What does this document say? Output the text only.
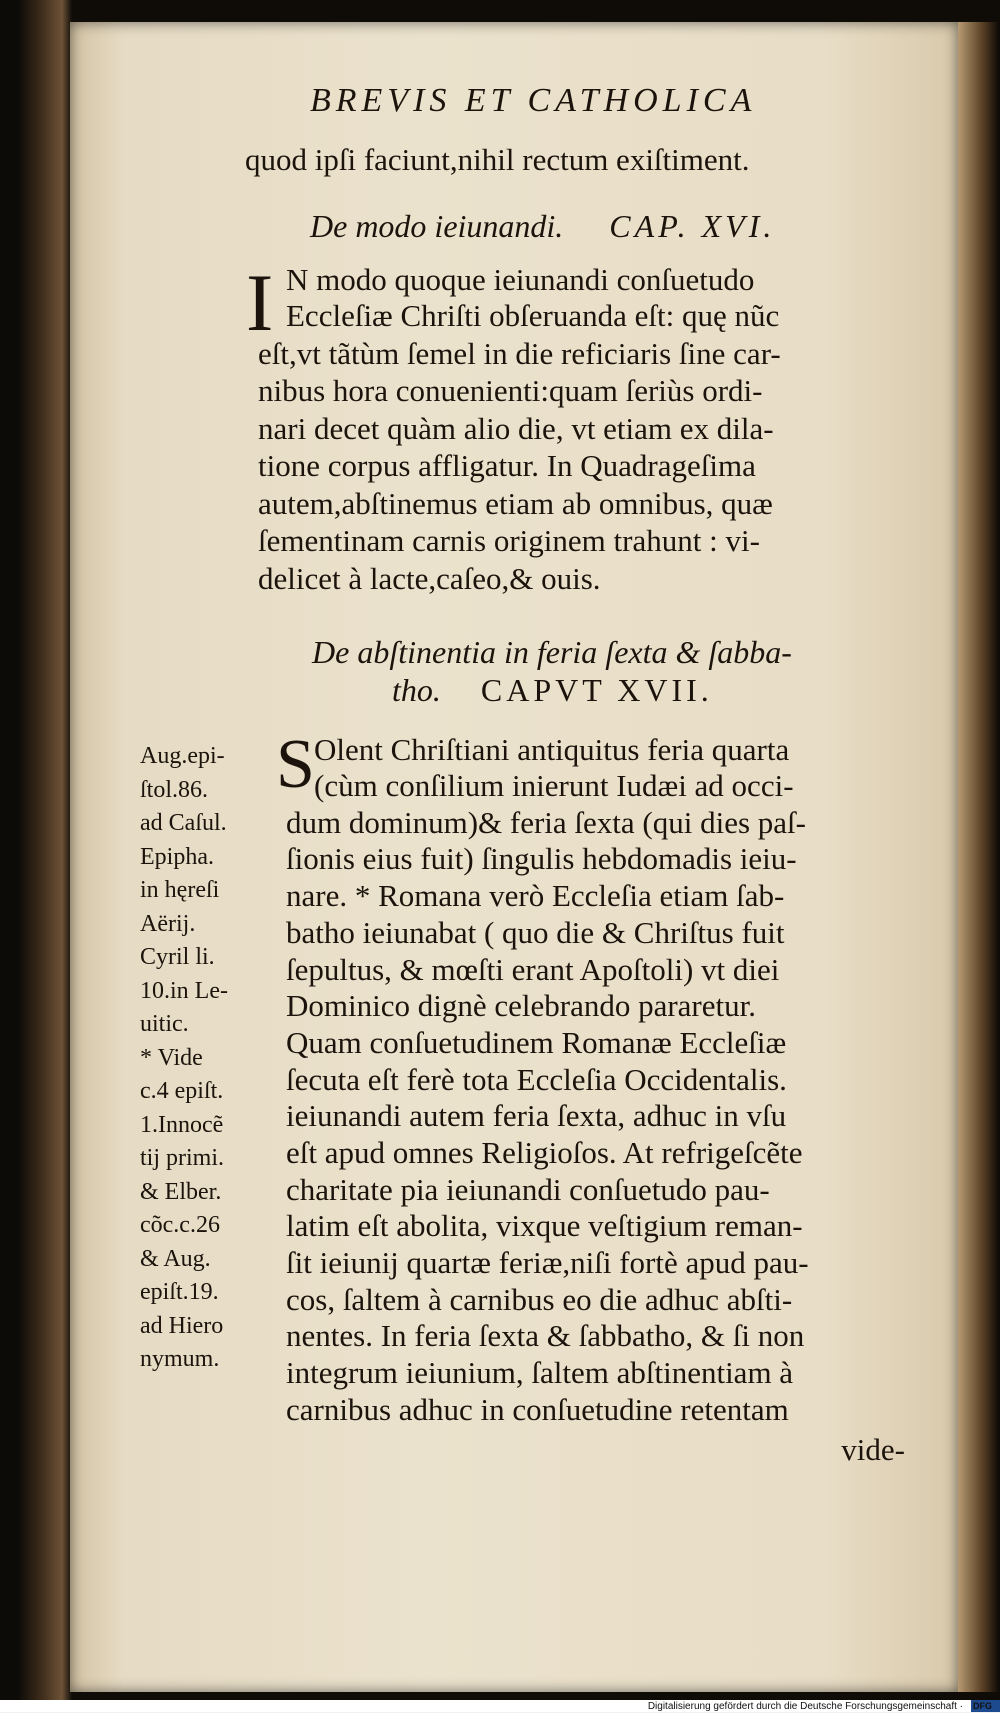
BREVIS ET CATHOLICA
quod ipſi faciunt,nihil rectum exiſtiment.
De modo ieiunandi. CAP. XVI.
I N modo quoque ieiunandi conſuetudo
Eccleſiæ Chriſti obſeruanda eſt: quę nũc
eſt,vt tãtùm ſemel in die reficiaris ſine car-
nibus hora conuenienti:quam ſeriùs ordi-
nari decet quàm alio die, vt etiam ex dila-
tione corpus affligatur. In Quadrageſima
autem,abſtinemus etiam ab omnibus, quæ
ſementinam carnis originem trahunt : vi-
delicet à lacte,caſeo,& ouis.
De abſtinentia in feria ſexta & ſabba-
tho. CAPVT XVII.
Aug.epi-
ſtol.86.
ad Caſul.
Epipha.
in hęreſi
Aërij.
Cyril li.
10.in Le-
uitic.
* Vide
c.4 epiſt.
1.Innocẽ
tij primi.
& Elber.
cõc.c.26
& Aug.
epiſt.19.
ad Hiero
nymum.
S Olent Chriſtiani antiquitus feria quarta
(cùm conſilium inierunt Iudæi ad occi-
dum dominum)& feria ſexta (qui dies paſ-
ſionis eius fuit) ſingulis hebdomadis ieiu-
nare. * Romana verò Eccleſia etiam ſab-
batho ieiunabat ( quo die & Chriſtus fuit
ſepultus, & mœſti erant Apoſtoli) vt diei
Dominico dignè celebrando pararetur.
Quam conſuetudinem Romanæ Eccleſiæ
ſecuta eſt ferè tota Eccleſia Occidentalis.
ieiunandi autem feria ſexta, adhuc in vſu
eſt apud omnes Religioſos. At refrigeſcẽte
charitate pia ieiunandi conſuetudo pau-
latim eſt abolita, vixque veſtigium reman-
ſit ieiunij quartæ feriæ,niſi fortè apud pau-
cos, ſaltem à carnibus eo die adhuc abſti-
nentes. In feria ſexta & ſabbatho, & ſi non
integrum ieiunium, ſaltem abſtinentiam à
carnibus adhuc in conſuetudine retentam
vide-
Digitalisierung gefördert durch die Deutsche Forschungsgemeinschaft · DFG
